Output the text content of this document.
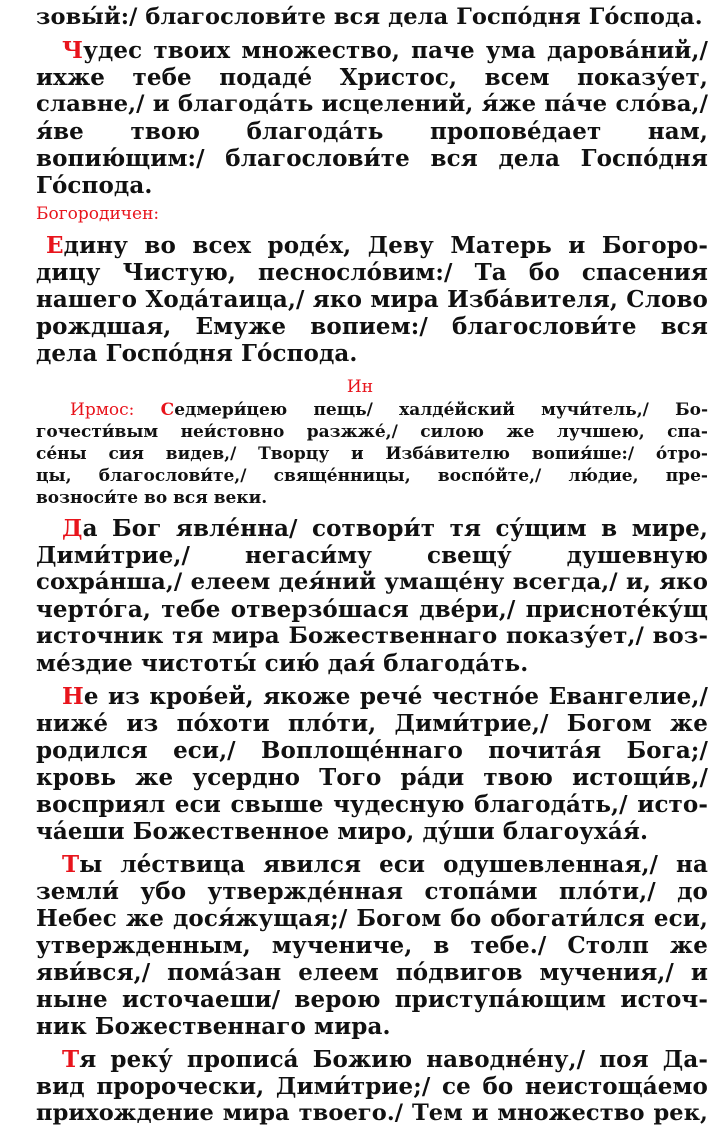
зовы́й:/ благослови́те вся дела Госпо́дня Го́спода.
Чудес твоих множество, паче ума дарова́ний,/
ихже тебе подаде́ Христос, всем показу́ет,
славне,/ и благода́ть исцелений, я́же па́че сло́ва,/
я́ве твою благода́ть пропове́дает нам,
вопию́щим:/ благослови́те вся дела Госпо́дня
Го́спода.
Богородичен:
Едину во всех роде́х, Деву Матерь и Богоро-
дицу Чистую, песносло́вим:/ Та бо спасения
нашего Хода́таица,/ яко мира Изба́вителя, Слово
рождшая, Емуже вопием:/ благослови́те вся
дела Госпо́дня Го́спода.
Ин
Ирмос: Седмери́цею пещь/ халде́йский мучи́тель,/ Бо-
гочести́вым неи́стовно разжже́,/ силою же лучшею, спа-
се́ны сия видев,/ Творцу и Изба́вителю вопия́ше:/ о́тро-
цы, благослови́те,/ свяще́нницы, воспо́йте,/ лю́дие, пре-
возноси́те во вся веки.
Да Бог явле́нна/ сотвори́т тя су́щим в мире,
Дими́трие,/ негаси́му свещу́ душевную
сохра́нша,/ елеем дея́ний умаще́ну всегда,/ и, яко
черто́га, тебе отверзо́шася две́ри,/ присноте́ку́щ
источник тя мира Божественнаго показу́ет,/ воз-
ме́здие чистоты́ сию́ дая́ благода́ть.
Не из кров́ей, якоже рече́ честно́е Евангелие,/
ниже́ из по́хоти пло́ти, Дими́трие,/ Богом же
родился еси,/ Воплоще́ннаго почита́я Бога;/
кровь же усердно Того ра́ди твою истощи́в,/
восприял еси свыше чудесную благода́ть,/ исто-
ча́еши Божественное миро, ду́ши благоуха́я́.
Ты ле́ствица явился еси одушевленная,/ на
земли́ убо утвержде́нная стопа́ми пло́ти,/ до
Небес же дося́жущая;/ Богом бо обогати́лся еси,
утвержденным, мучениче, в тебе./ Столп же
яви́вся,/ пома́зан елеем по́двигов мучения,/ и
ныне источаеши/ верою приступа́ющим источ-
ник Божественнаго мира.
Тя реку́ прописа́ Божию наводне́ну,/ поя Да-
вид пророчески, Дими́трие;/ се бо неистоща́емо
прихождение мира твоего./ Тем и множество рек,
